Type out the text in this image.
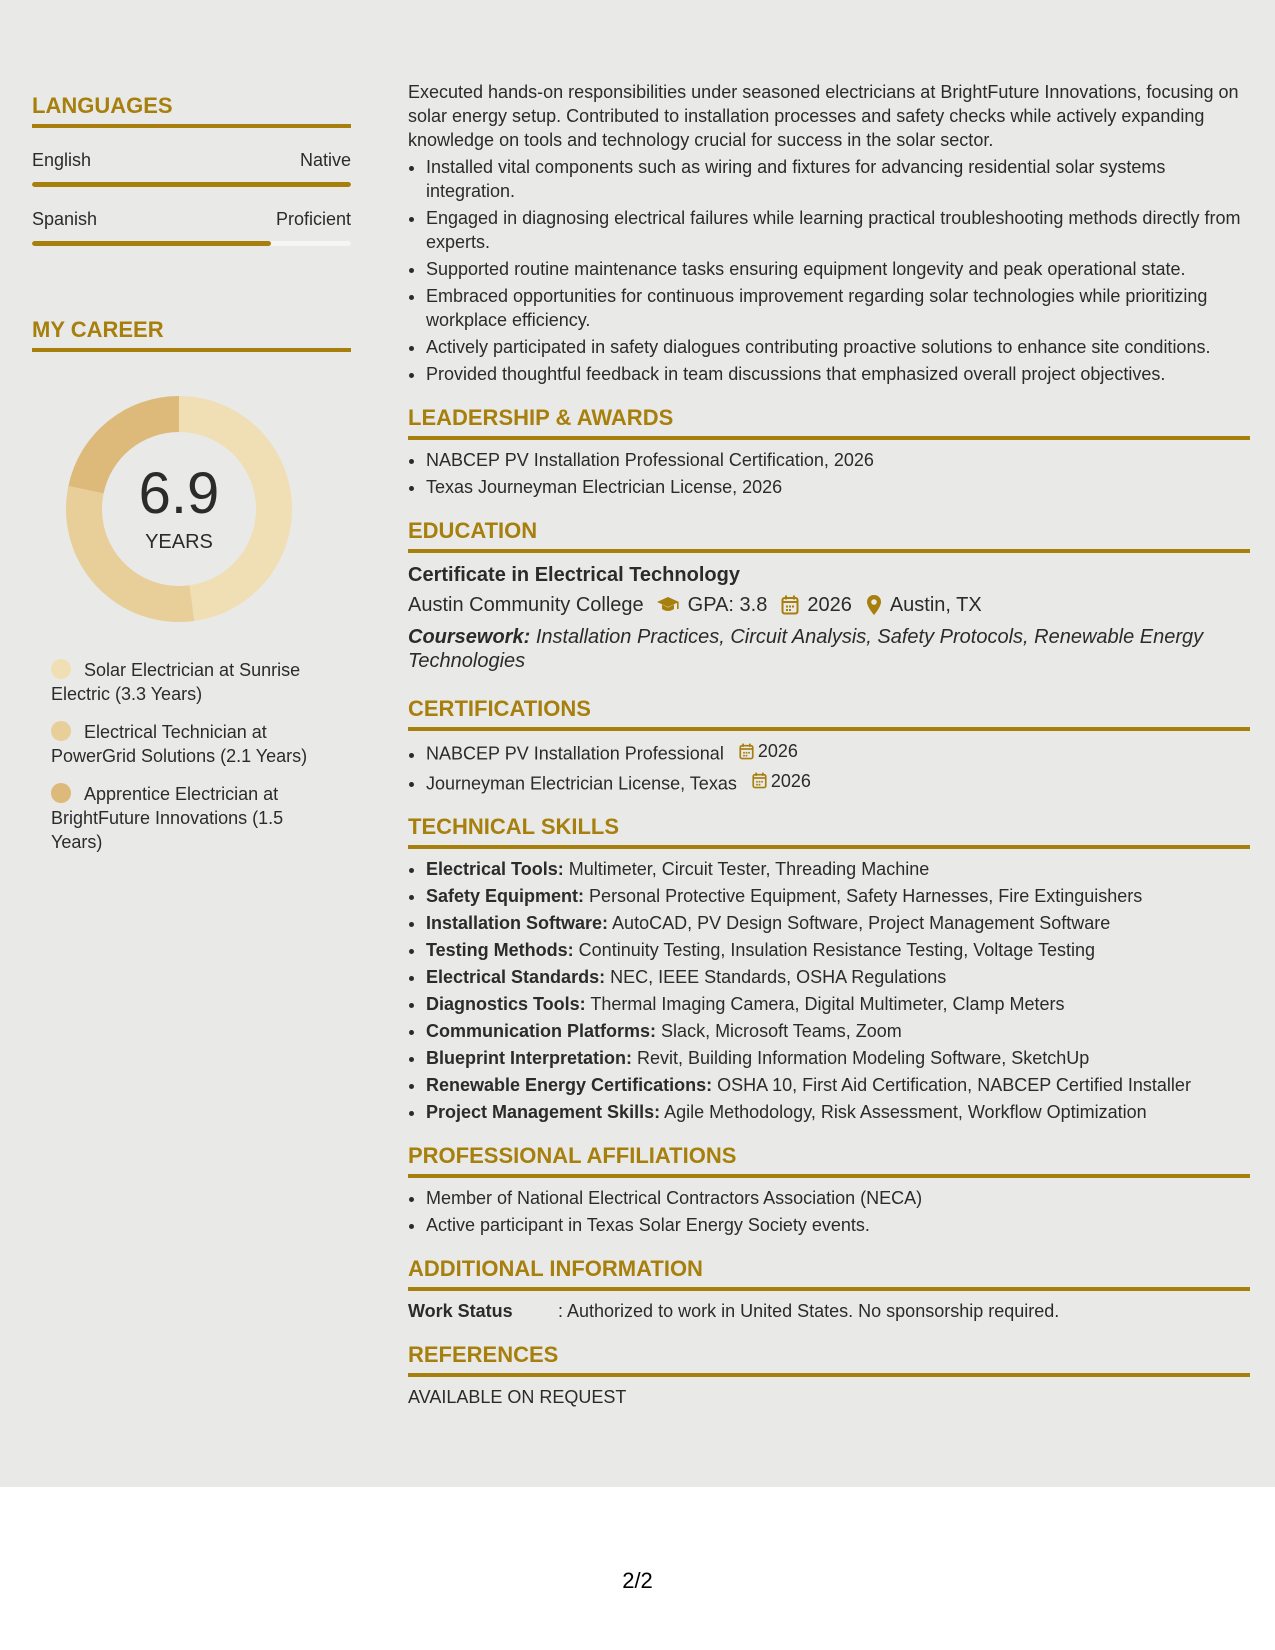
LANGUAGES
English	Native
Spanish	Proficient
MY CAREER
6.9
YEARS
Solar Electrician at Sunrise Electric (3.3 Years)
Electrical Technician at PowerGrid Solutions (2.1 Years)
Apprentice Electrician at BrightFuture Innovations (1.5 Years)

Executed hands-on responsibilities under seasoned electricians at BrightFuture Innovations, focusing on solar energy setup. Contributed to installation processes and safety checks while actively expanding knowledge on tools and technology crucial for success in the solar sector.

• Installed vital components such as wiring and fixtures for advancing residential solar systems integration.
• Engaged in diagnosing electrical failures while learning practical troubleshooting methods directly from experts.
• Supported routine maintenance tasks ensuring equipment longevity and peak operational state.
• Embraced opportunities for continuous improvement regarding solar technologies while prioritizing workplace efficiency.
• Actively participated in safety dialogues contributing proactive solutions to enhance site conditions.
• Provided thoughtful feedback in team discussions that emphasized overall project objectives.
LEADERSHIP & AWARDS
• NABCEP PV Installation Professional Certification, 2026
• Texas Journeyman Electrician License, 2026
EDUCATION
Certificate in Electrical Technology
Austin Community College GPA: 3.8 2026 Austin, TX
Coursework: Installation Practices, Circuit Analysis, Safety Protocols, Renewable Energy Technologies
CERTIFICATIONS
• NABCEP PV Installation Professional 2026
• Journeyman Electrician License, Texas 2026
TECHNICAL SKILLS
• Electrical Tools: Multimeter, Circuit Tester, Threading Machine
• Safety Equipment: Personal Protective Equipment, Safety Harnesses, Fire Extinguishers
• Installation Software: AutoCAD, PV Design Software, Project Management Software
• Testing Methods: Continuity Testing, Insulation Resistance Testing, Voltage Testing
• Electrical Standards: NEC, IEEE Standards, OSHA Regulations
• Diagnostics Tools: Thermal Imaging Camera, Digital Multimeter, Clamp Meters
• Communication Platforms: Slack, Microsoft Teams, Zoom
• Blueprint Interpretation: Revit, Building Information Modeling Software, SketchUp
• Renewable Energy Certifications: OSHA 10, First Aid Certification, NABCEP Certified Installer
• Project Management Skills: Agile Methodology, Risk Assessment, Workflow Optimization
PROFESSIONAL AFFILIATIONS
• Member of National Electrical Contractors Association (NECA)
• Active participant in Texas Solar Energy Society events.
ADDITIONAL INFORMATION
Work Status	: Authorized to work in United States. No sponsorship required.
REFERENCES

AVAILABLE ON REQUEST

2/2
